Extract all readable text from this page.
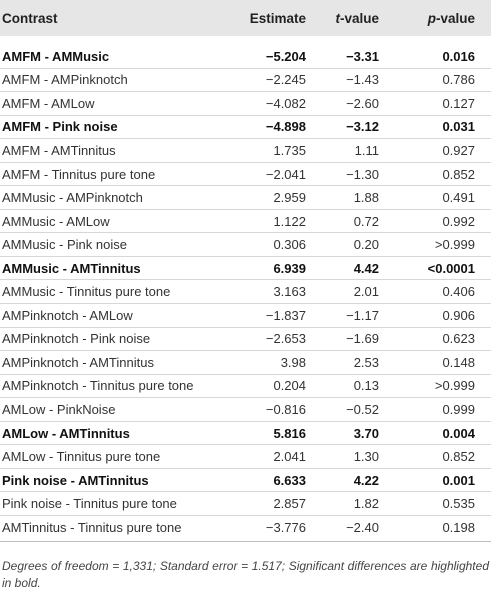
Contrast	Estimate	t-value	p-value
AMFM - AMMusic	−5.204	−3.31	0.016
AMFM - AMPinknotch	−2.245	−1.43	0.786
AMFM - AMLow	−4.082	−2.60	0.127
AMFM - Pink noise	−4.898	−3.12	0.031
AMFM - AMTinnitus	1.735	1.11	0.927
AMFM - Tinnitus pure tone	−2.041	−1.30	0.852
AMMusic - AMPinknotch	2.959	1.88	0.491
AMMusic - AMLow	1.122	0.72	0.992
AMMusic - Pink noise	0.306	0.20	>0.999
AMMusic - AMTinnitus	6.939	4.42	<0.0001
AMMusic - Tinnitus pure tone	3.163	2.01	0.406
AMPinknotch - AMLow	−1.837	−1.17	0.906
AMPinknotch - Pink noise	−2.653	−1.69	0.623
AMPinknotch - AMTinnitus	3.98	2.53	0.148
AMPinknotch - Tinnitus pure tone	0.204	0.13	>0.999
AMLow - PinkNoise	−0.816	−0.52	0.999
AMLow - AMTinnitus	5.816	3.70	0.004
AMLow - Tinnitus pure tone	2.041	1.30	0.852
Pink noise - AMTinnitus	6.633	4.22	0.001
Pink noise - Tinnitus pure tone	2.857	1.82	0.535
AMTinnitus - Tinnitus pure tone	−3.776	−2.40	0.198
Degrees of freedom = 1,331; Standard error = 1.517; Significant differences are highlighted in bold.
